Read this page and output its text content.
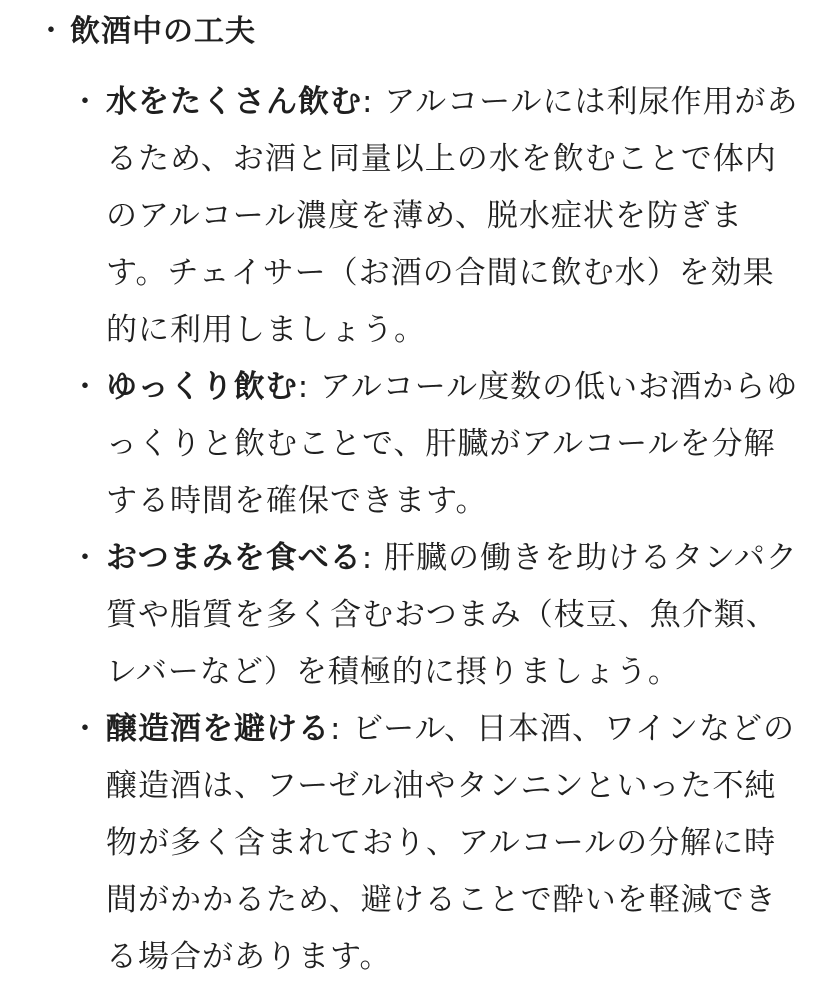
・ 飲酒中の工夫
・ 水をたくさん飲む: アルコールには利尿作用があるため、お酒と同量以上の水を飲むことで体内のアルコール濃度を薄め、脱水症状を防ぎます。チェイサー（お酒の合間に飲む水）を効果的に利用しましょう。
・ ゆっくり飲む: アルコール度数の低いお酒からゆっくりと飲むことで、肝臓がアルコールを分解する時間を確保できます。
・ おつまみを食べる: 肝臓の働きを助けるタンパク質や脂質を多く含むおつまみ（枝豆、魚介類、レバーなど）を積極的に摂りましょう。
・ 醸造酒を避ける: ビール、日本酒、ワインなどの醸造酒は、フーゼル油やタンニンといった不純物が多く含まれており、アルコールの分解に時間がかかるため、避けることで酔いを軽減できる場合があります。
